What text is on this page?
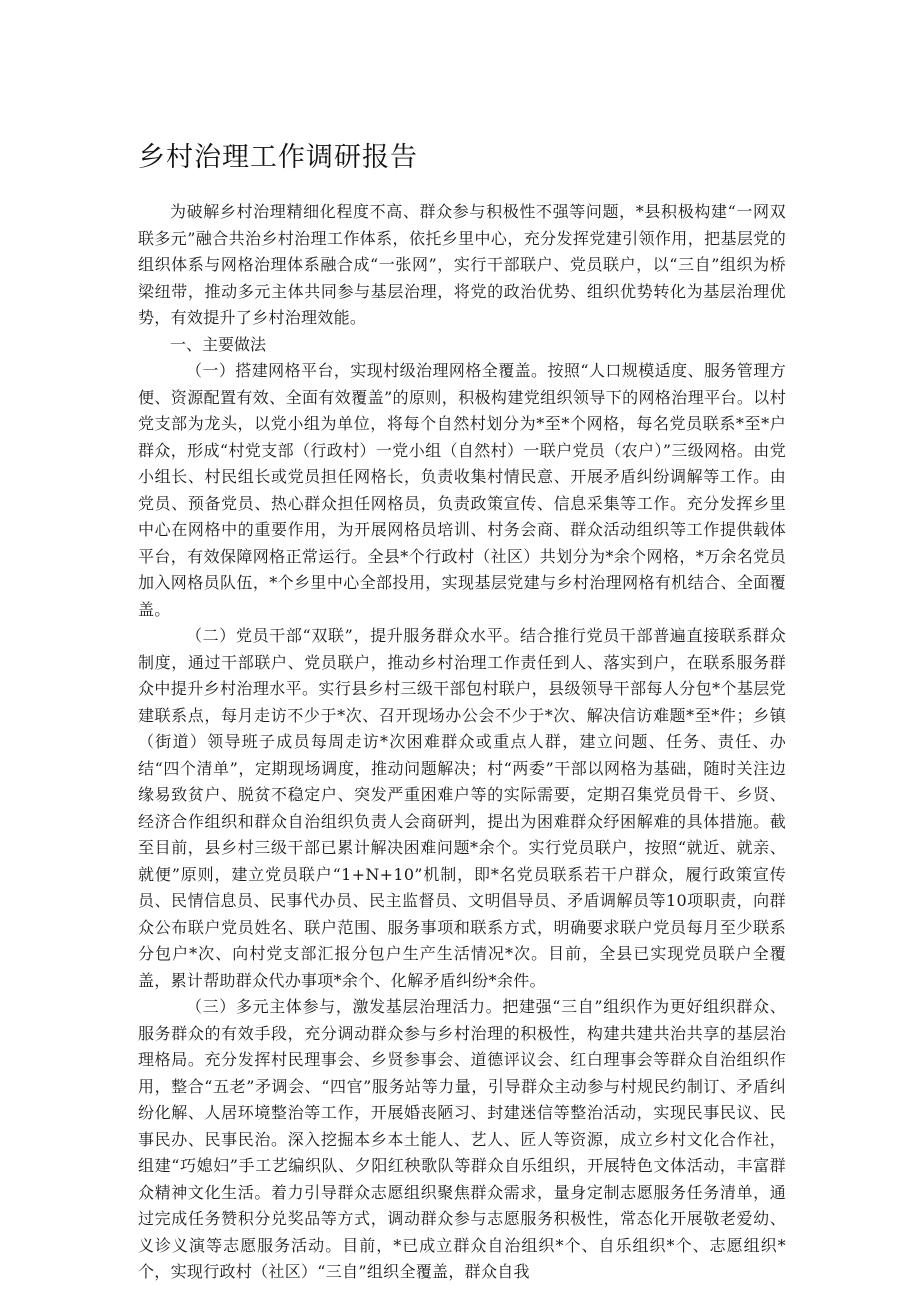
乡村治理工作调研报告

为破解乡村治理精细化程度不高、群众参与积极性不强等问题，*县积极构建“一网双联多元”融合共治乡村治理工作体系，依托乡里中心，充分发挥党建引领作用，把基层党的组织体系与网格治理体系融合成“一张网”，实行干部联户、党员联户，以“三自”组织为桥梁纽带，推动多元主体共同参与基层治理，将党的政治优势、组织优势转化为基层治理优势，有效提升了乡村治理效能。

一、主要做法

（一）搭建网格平台，实现村级治理网格全覆盖。按照“人口规模适度、服务管理方便、资源配置有效、全面有效覆盖”的原则，积极构建党组织领导下的网格治理平台。以村党支部为龙头，以党小组为单位，将每个自然村划分为*至*个网格，每名党员联系*至*户群众，形成“村党支部（行政村）一党小组（自然村）一联户党员（农户）”三级网格。由党小组长、村民组长或党员担任网格长，负责收集村情民意、开展矛盾纠纷调解等工作。由党员、预备党员、热心群众担任网格员，负责政策宣传、信息采集等工作。充分发挥乡里中心在网格中的重要作用，为开展网格员培训、村务会商、群众活动组织等工作提供载体平台，有效保障网格正常运行。全县*个行政村（社区）共划分为*余个网格，*万余名党员加入网格员队伍，*个乡里中心全部投用，实现基层党建与乡村治理网格有机结合、全面覆盖。

（二）党员干部“双联”，提升服务群众水平。结合推行党员干部普遍直接联系群众制度，通过干部联户、党员联户，推动乡村治理工作责任到人、落实到户，在联系服务群众中提升乡村治理水平。实行县乡村三级干部包村联户，县级领导干部每人分包*个基层党建联系点，每月走访不少于*次、召开现场办公会不少于*次、解决信访难题*至*件；乡镇（街道）领导班子成员每周走访*次困难群众或重点人群，建立问题、任务、责任、办结“四个清单”，定期现场调度，推动问题解决；村“两委”干部以网格为基础，随时关注边缘易致贫户、脱贫不稳定户、突发严重困难户等的实际需要，定期召集党员骨干、乡贤、经济合作组织和群众自治组织负责人会商研判，提出为困难群众纾困解难的具体措施。截至目前，县乡村三级干部已累计解决困难问题*余个。实行党员联户，按照“就近、就亲、就便”原则，建立党员联户“1+N+10”机制，即*名党员联系若干户群众，履行政策宣传员、民情信息员、民事代办员、民主监督员、文明倡导员、矛盾调解员等10项职责，向群众公布联户党员姓名、联户范围、服务事项和联系方式，明确要求联户党员每月至少联系分包户*次、向村党支部汇报分包户生产生活情况*次。目前，全县已实现党员联户全覆盖，累计帮助群众代办事项*余个、化解矛盾纠纷*余件。

（三）多元主体参与，激发基层治理活力。把建强“三自”组织作为更好组织群众、服务群众的有效手段，充分调动群众参与乡村治理的积极性，构建共建共治共享的基层治理格局。充分发挥村民理事会、乡贤参事会、道德评议会、红白理事会等群众自治组织作用，整合“五老”矛调会、“四官”服务站等力量，引导群众主动参与村规民约制订、矛盾纠纷化解、人居环境整治等工作，开展婚丧陋习、封建迷信等整治活动，实现民事民议、民事民办、民事民治。深入挖掘本乡本土能人、艺人、匠人等资源，成立乡村文化合作社，组建“巧媳妇”手工艺编织队、夕阳红秧歌队等群众自乐组织，开展特色文体活动，丰富群众精神文化生活。着力引导群众志愿组织聚焦群众需求，量身定制志愿服务任务清单，通过完成任务赞积分兑奖品等方式，调动群众参与志愿服务积极性，常态化开展敬老爱幼、义诊义演等志愿服务活动。目前，*已成立群众自治组织*个、自乐组织*个、志愿组织*个，实现行政村（社区）“三自”组织全覆盖，群众自我
